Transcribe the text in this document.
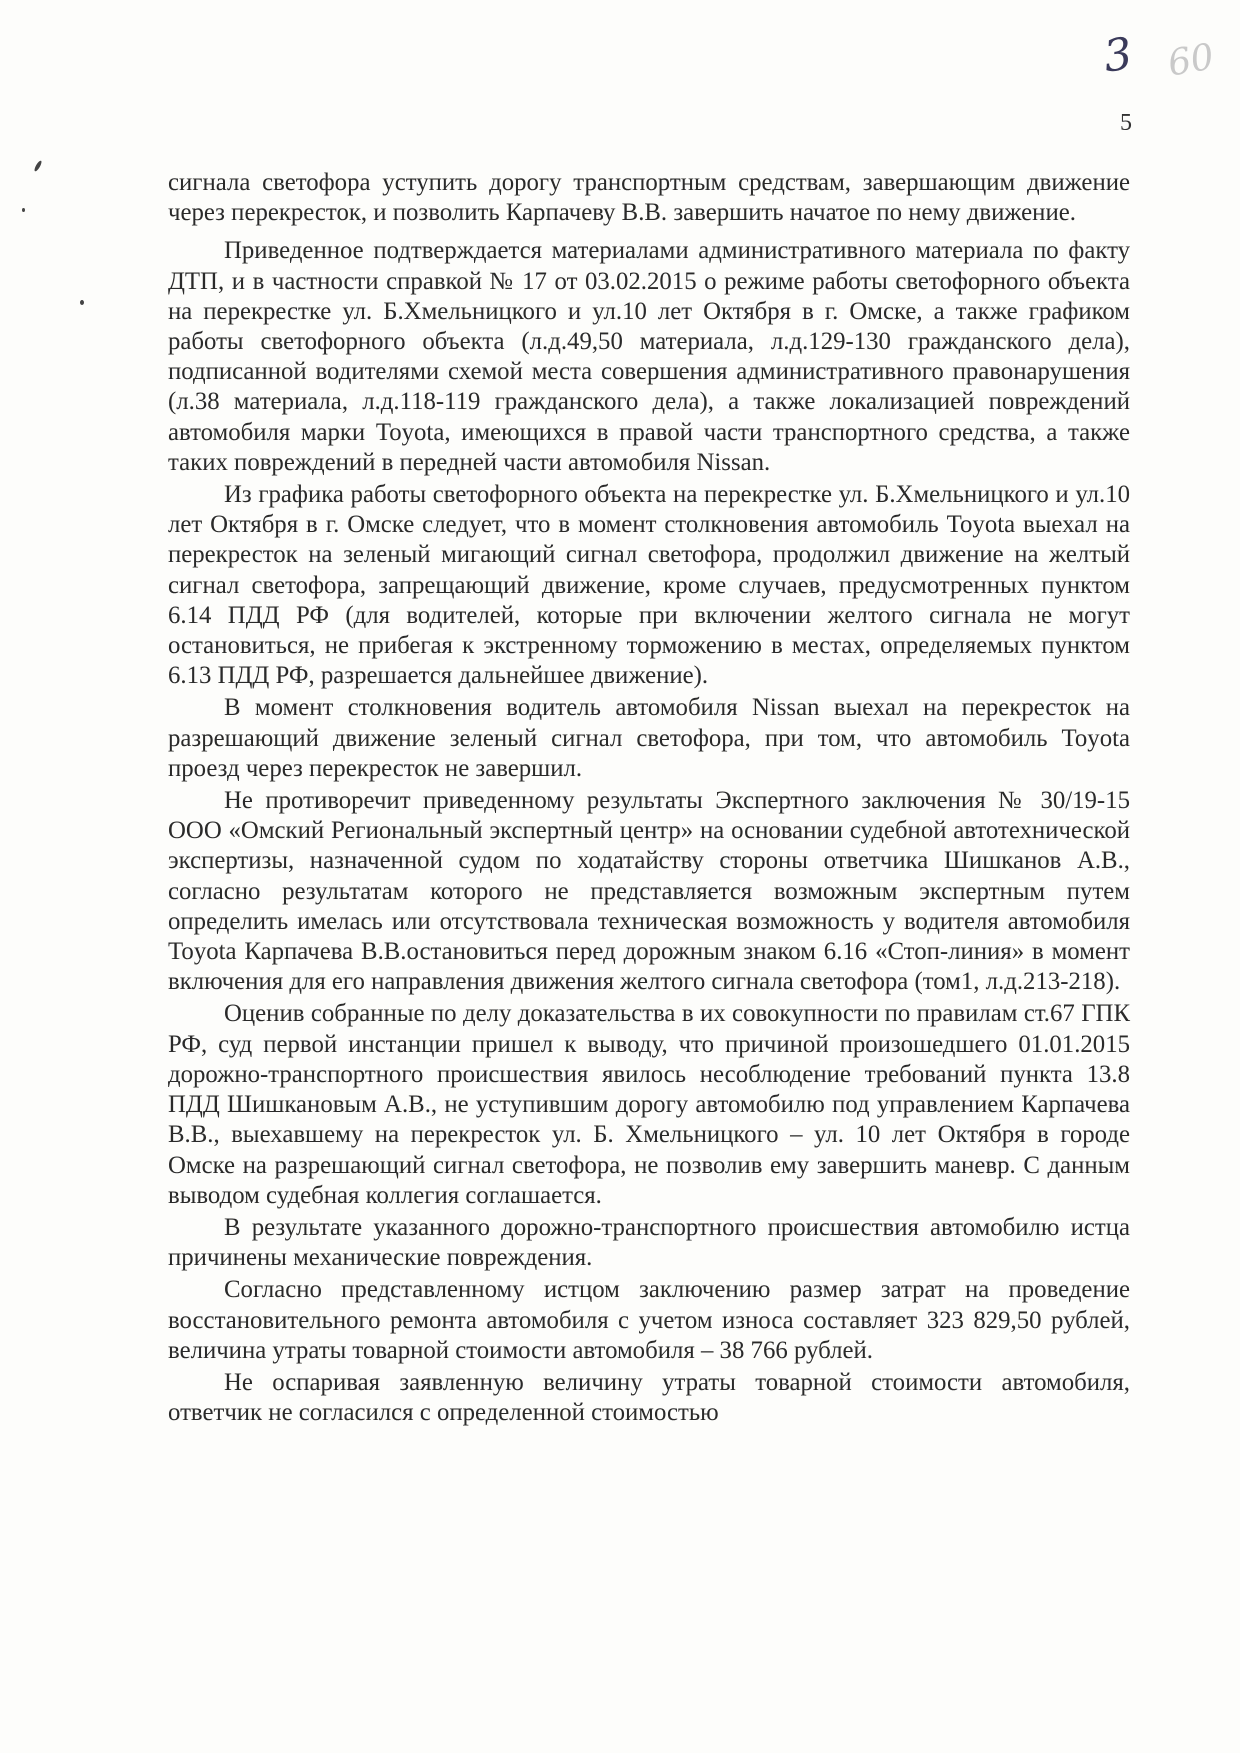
3 60
5

сигнала светофора уступить дорогу транспортным средствам, завершающим движение через перекресток, и позволить Карпачеву В.В. завершить начатое по нему движение.

Приведенное подтверждается материалами административного материала по факту ДТП, и в частности справкой № 17 от 03.02.2015 о режиме работы светофорного объекта на перекрестке ул. Б.Хмельницкого и ул.10 лет Октября в г. Омске, а также графиком работы светофорного объекта (л.д.49,50 материала, л.д.129-130 гражданского дела), подписанной водителями схемой места совершения административного правонарушения (л.38 материала, л.д.118-119 гражданского дела), а также локализацией повреждений автомобиля марки Toyota, имеющихся в правой части транспортного средства, а также таких повреждений в передней части автомобиля Nissan.

Из графика работы светофорного объекта на перекрестке ул. Б.Хмельницкого и ул.10 лет Октября в г. Омске следует, что в момент столкновения автомобиль Toyota выехал на перекресток на зеленый мигающий сигнал светофора, продолжил движение на желтый сигнал светофора, запрещающий движение, кроме случаев, предусмотренных пунктом 6.14 ПДД РФ (для водителей, которые при включении желтого сигнала не могут остановиться, не прибегая к экстренному торможению в местах, определяемых пунктом 6.13 ПДД РФ, разрешается дальнейшее движение).

В момент столкновения водитель автомобиля Nissan выехал на перекресток на разрешающий движение зеленый сигнал светофора, при том, что автомобиль Toyota проезд через перекресток не завершил.

Не противоречит приведенному результаты Экспертного заключения № 30/19-15 ООО «Омский Региональный экспертный центр» на основании судебной автотехнической экспертизы, назначенной судом по ходатайству стороны ответчика Шишканов А.В., согласно результатам которого не представляется возможным экспертным путем определить имелась или отсутствовала техническая возможность у водителя автомобиля Toyota Карпачева В.В.остановиться перед дорожным знаком 6.16 «Стоп-линия» в момент включения для его направления движения желтого сигнала светофора (том1, л.д.213-218).

Оценив собранные по делу доказательства в их совокупности по правилам ст.67 ГПК РФ, суд первой инстанции пришел к выводу, что причиной произошедшего 01.01.2015 дорожно-транспортного происшествия явилось несоблюдение требований пункта 13.8 ПДД Шишкановым А.В., не уступившим дорогу автомобилю под управлением Карпачева В.В., выехавшему на перекресток ул. Б. Хмельницкого – ул. 10 лет Октября в городе Омске на разрешающий сигнал светофора, не позволив ему завершить маневр. С данным выводом судебная коллегия соглашается.

В результате указанного дорожно-транспортного происшествия автомобилю истца причинены механические повреждения.

Согласно представленному истцом заключению размер затрат на проведение восстановительного ремонта автомобиля с учетом износа составляет 323 829,50 рублей, величина утраты товарной стоимости автомобиля – 38 766 рублей.

Не оспаривая заявленную величину утраты товарной стоимости автомобиля, ответчик не согласился с определенной стоимостью
